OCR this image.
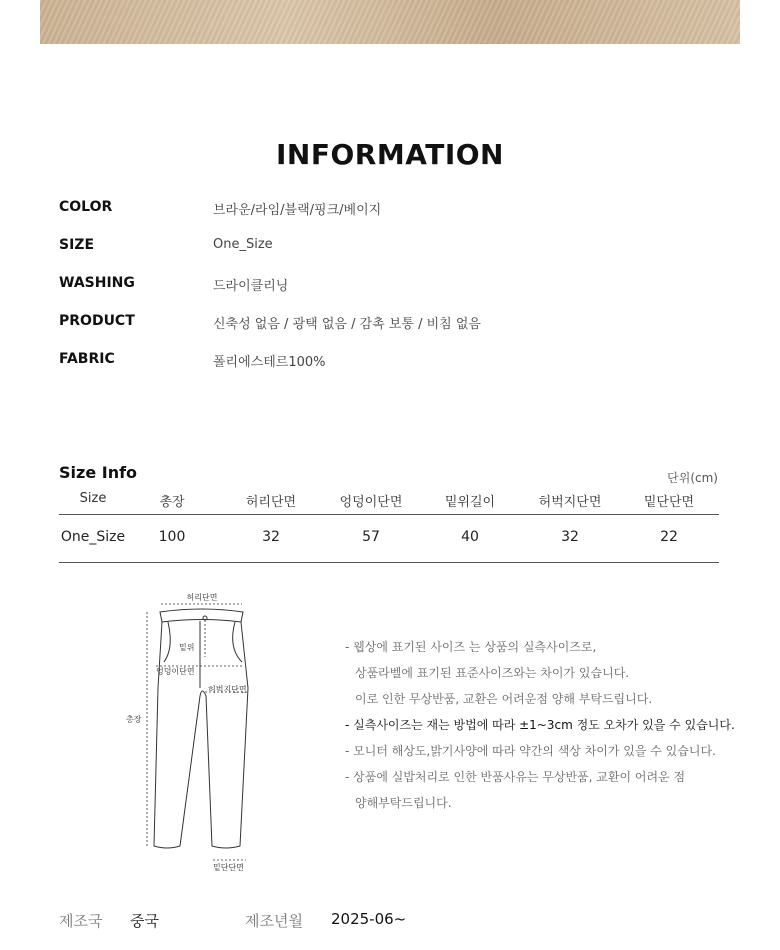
INFORMATION
COLOR	브라운/라임/블랙/핑크/베이지
SIZE	One_Size
WASHING	드라이클리닝
PRODUCT	신축성 없음 / 광택 없음 / 감촉 보통 / 비침 없음
FABRIC	폴리에스테르100%
Size Info	단위(cm)
Size	총장	허리단면	엉덩이단면	밑위길이	허벅지단면	밑단단면
One_Size	100	32	57	40	32	22
허리단면
밑위
엉덩이단면
허벅지단면
총장
밑단단면
- 웹상에 표기된 사이즈 는 상품의 실측사이즈로,
상품라벨에 표기된 표준사이즈와는 차이가 있습니다.
이로 인한 무상반품, 교환은 어려운점 양해 부탁드립니다.
- 실측사이즈는 재는 방법에 따라 ±1~3cm 정도 오차가 있을 수 있습니다.
- 모니터 해상도,밝기사양에 따라 약간의 색상 차이가 있을 수 있습니다.
- 상품에 실밥처리로 인한 반품사유는 무상반품, 교환이 어려운 점
양해부탁드립니다.
제조국 중국	제조년월 2025-06~
